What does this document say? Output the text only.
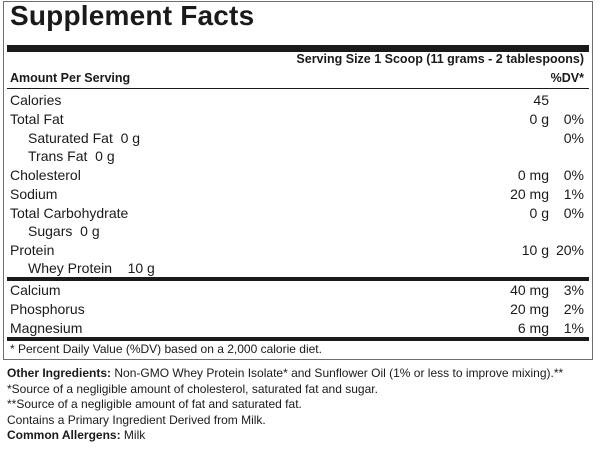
Supplement Facts
Serving Size 1 Scoop (11 grams - 2 tablespoons)
Amount Per Serving	%DV*
Calories	45
Total Fat	0 g 0%
Saturated Fat  0 g	0%
Trans Fat  0 g
Cholesterol	0 mg 0%
Sodium	20 mg 1%
Total Carbohydrate	0 g 0%
Sugars  0 g
Protein	10 g 20%
Whey Protein    10 g
Calcium	40 mg 3%
Phosphorus	20 mg 2%
Magnesium	6 mg 1%
* Percent Daily Value (%DV) based on a 2,000 calorie diet.

Other Ingredients: Non-GMO Whey Protein Isolate* and Sunflower Oil (1% or less to improve mixing).**

*Source of a negligible amount of cholesterol, saturated fat and sugar.

**Source of a negligible amount of fat and saturated fat.

Contains a Primary Ingredient Derived from Milk.

Common Allergens: Milk
